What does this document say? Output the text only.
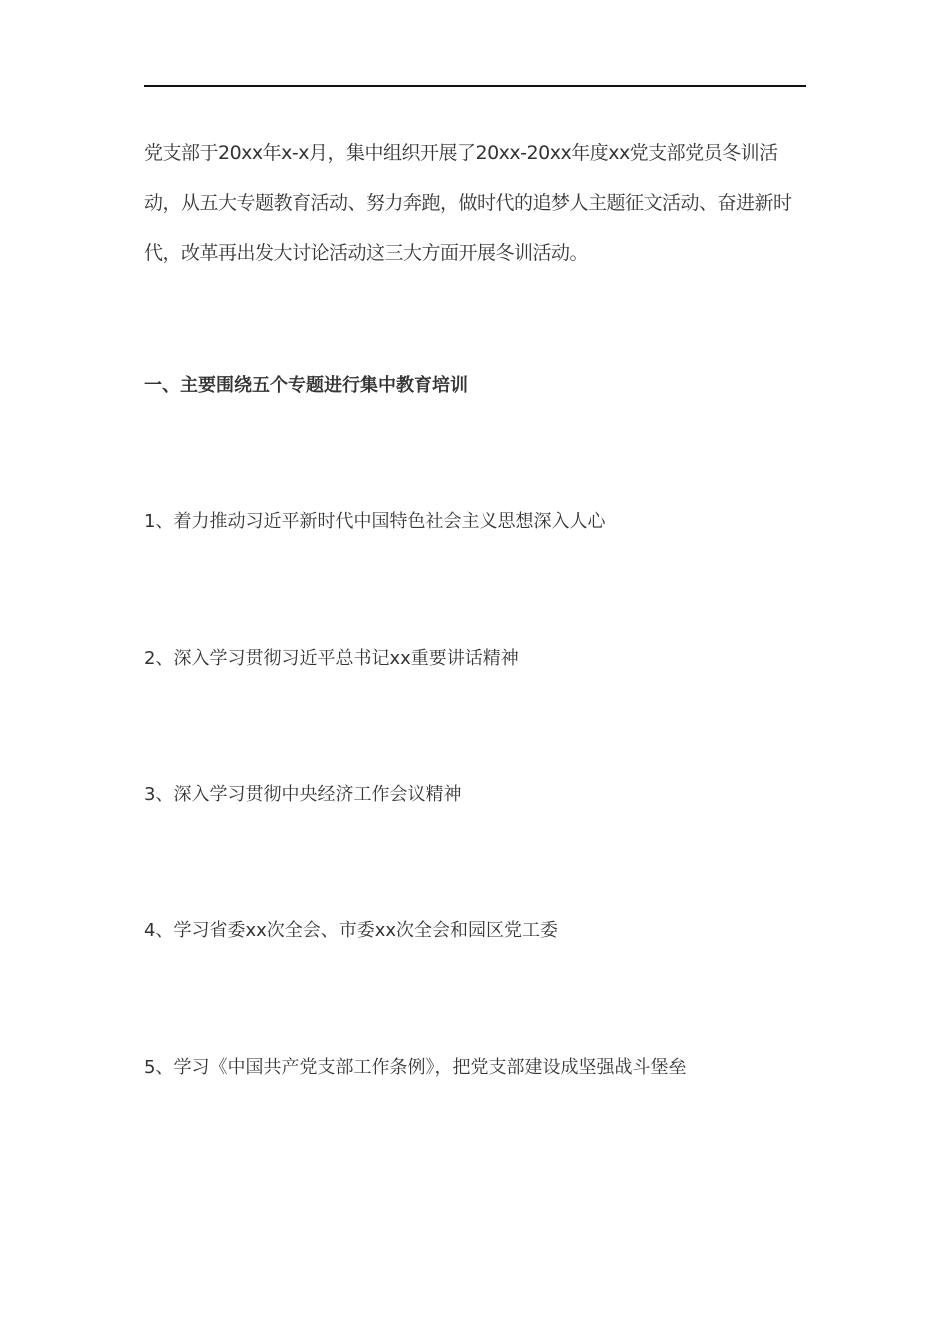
党支部于20xx年x-x月，集中组织开展了20xx-20xx年度xx党支部党员冬训活动，从五大专题教育活动、努力奔跑，做时代的追梦人主题征文活动、奋进新时代，改革再出发大讨论活动这三大方面开展冬训活动。

一、主要围绕五个专题进行集中教育培训

1、着力推动习近平新时代中国特色社会主义思想深入人心

2、深入学习贯彻习近平总书记xx重要讲话精神

3、深入学习贯彻中央经济工作会议精神

4、学习省委xx次全会、市委xx次全会和园区党工委

5、学习《中国共产党支部工作条例》，把党支部建设成坚强战斗堡垒
